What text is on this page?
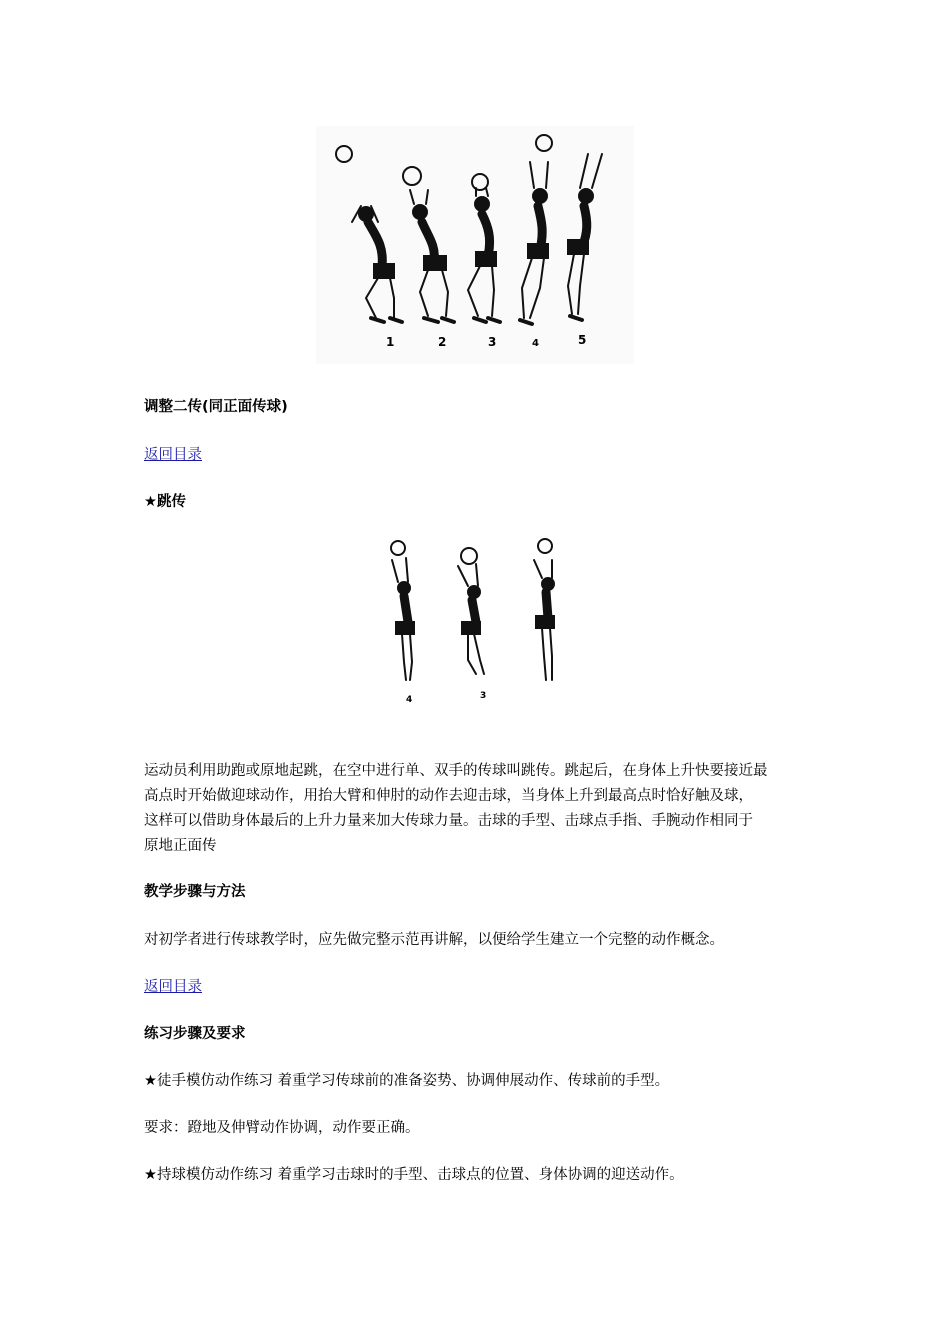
1	2	3	4	5
调整二传(同正面传球)
返回目录
★跳传
4	3
运动员利用助跑或原地起跳，在空中进行单、双手的传球叫跳传。跳起后，在身体上升快要接近最
高点时开始做迎球动作，用抬大臂和伸肘的动作去迎击球，当身体上升到最高点时恰好触及球，
这样可以借助身体最后的上升力量来加大传球力量。击球的手型、击球点手指、手腕动作相同于
原地正面传
教学步骤与方法
对初学者进行传球教学时，应先做完整示范再讲解，以便给学生建立一个完整的动作概念。
返回目录
练习步骤及要求
★徒手模仿动作练习 着重学习传球前的准备姿势、协调伸展动作、传球前的手型。
要求：蹬地及伸臂动作协调，动作要正确。
★持球模仿动作练习 着重学习击球时的手型、击球点的位置、身体协调的迎送动作。
